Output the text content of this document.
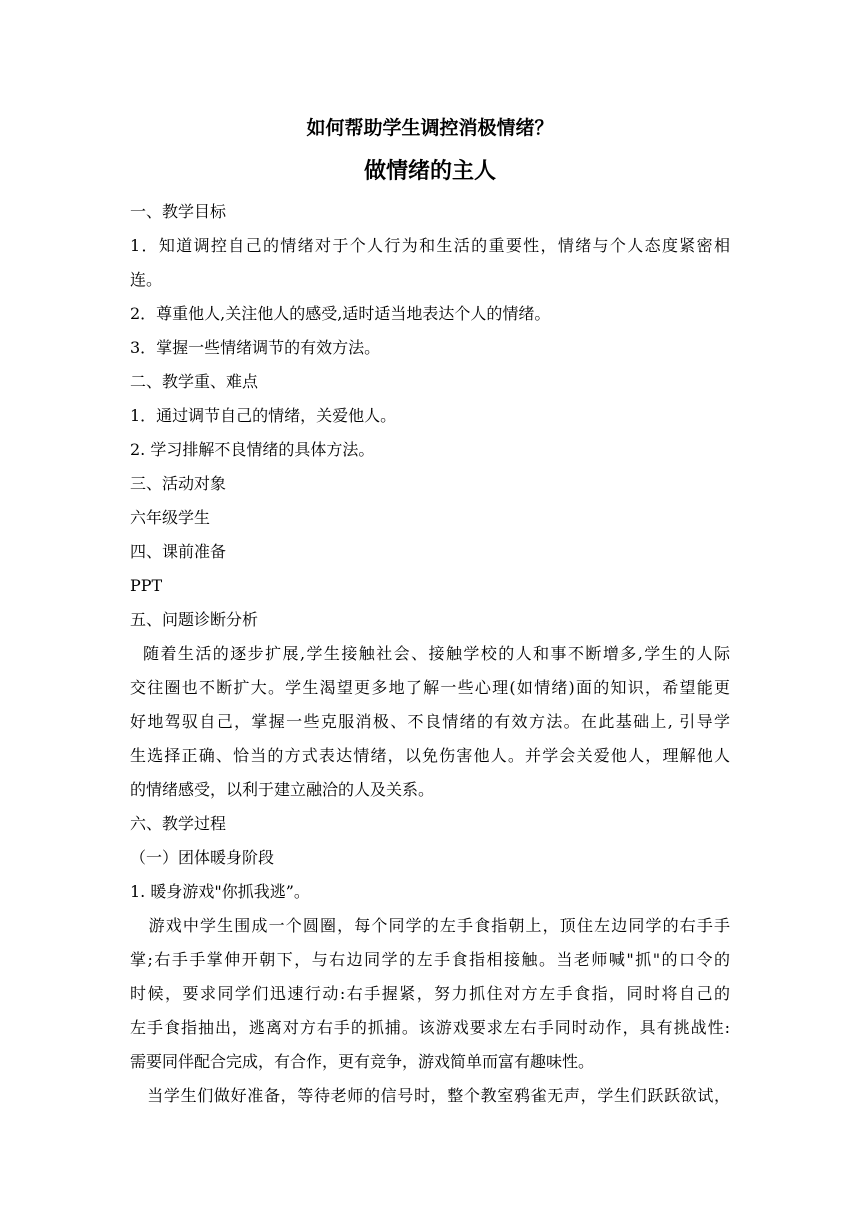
如何帮助学生调控消极情绪？
做情绪的主人
一、教学目标
1．知道调控自己的情绪对于个人行为和生活的重要性，情绪与个人态度紧密相
连。
2．尊重他人,关注他人的感受,适时适当地表达个人的情绪。
3．掌握一些情绪调节的有效方法。
二、教学重、难点
1．通过调节自己的情绪，关爱他人。
2. 学习排解不良情绪的具体方法。
三、活动对象
六年级学生
四、课前准备
PPT
五、问题诊断分析
随着生活的逐步扩展,学生接触社会、接触学校的人和事不断增多,学生的人际
交往圈也不断扩大。学生渴望更多地了解一些心理(如情绪)面的知识，希望能更
好地驾驭自己，掌握一些克服消极、不良情绪的有效方法。在此基础上, 引导学
生选择正确、恰当的方式表达情绪，以免伤害他人。并学会关爱他人，理解他人
的情绪感受，以利于建立融洽的人及关系。
六、教学过程
（一）团体暖身阶段
1. 暖身游戏"你抓我逃”。
游戏中学生围成一个圆圈，每个同学的左手食指朝上，顶住左边同学的右手手
掌;右手手掌伸开朝下，与右边同学的左手食指相接触。当老师喊"抓"的口令的
时候，要求同学们迅速行动:右手握紧，努力抓住对方左手食指，同时将自己的
左手食指抽出，逃离对方右手的抓捕。该游戏要求左右手同时动作，具有挑战性:
需要同伴配合完成，有合作，更有竞争，游戏简单而富有趣味性。
当学生们做好准备，等待老师的信号时，整个教室鸦雀无声，学生们跃跃欲试，
